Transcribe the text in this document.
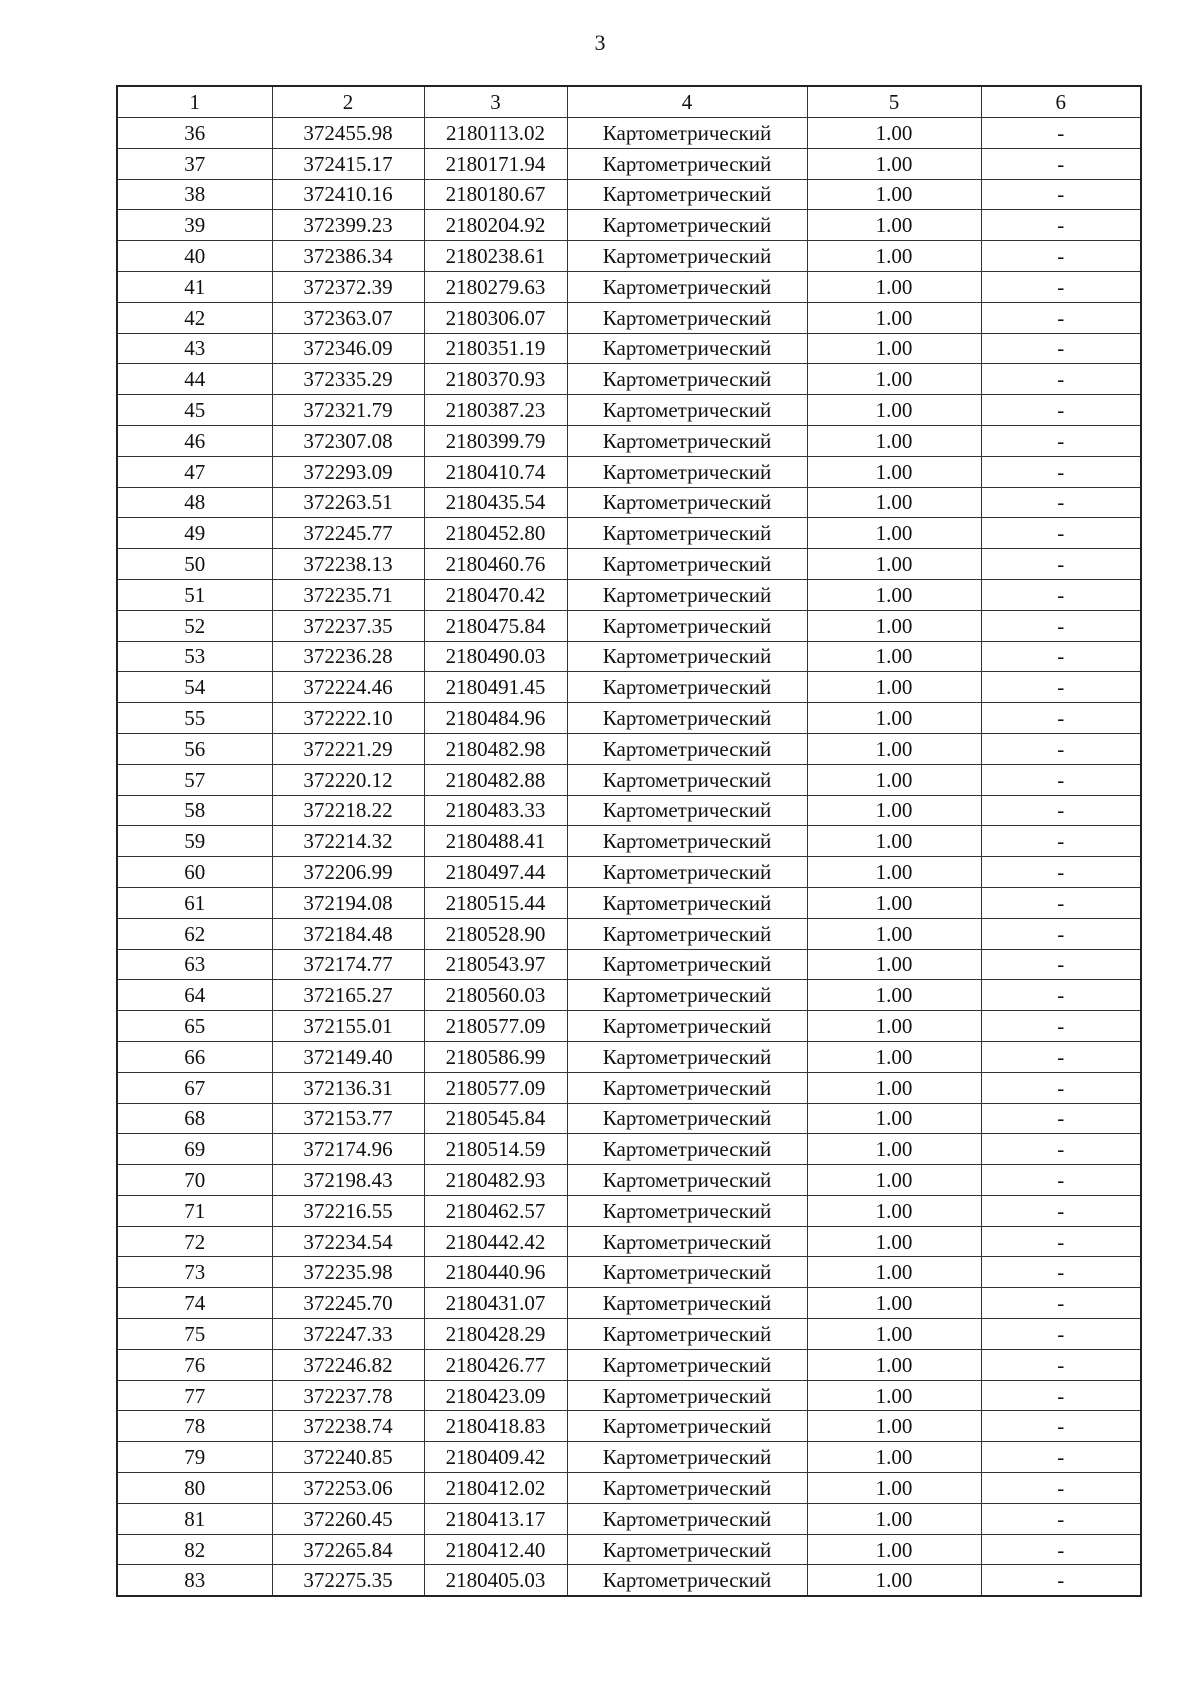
3
1	2	3	4	5	6
36	372455.98	2180113.02	Картометрический	1.00	-
37	372415.17	2180171.94	Картометрический	1.00	-
38	372410.16	2180180.67	Картометрический	1.00	-
39	372399.23	2180204.92	Картометрический	1.00	-
40	372386.34	2180238.61	Картометрический	1.00	-
41	372372.39	2180279.63	Картометрический	1.00	-
42	372363.07	2180306.07	Картометрический	1.00	-
43	372346.09	2180351.19	Картометрический	1.00	-
44	372335.29	2180370.93	Картометрический	1.00	-
45	372321.79	2180387.23	Картометрический	1.00	-
46	372307.08	2180399.79	Картометрический	1.00	-
47	372293.09	2180410.74	Картометрический	1.00	-
48	372263.51	2180435.54	Картометрический	1.00	-
49	372245.77	2180452.80	Картометрический	1.00	-
50	372238.13	2180460.76	Картометрический	1.00	-
51	372235.71	2180470.42	Картометрический	1.00	-
52	372237.35	2180475.84	Картометрический	1.00	-
53	372236.28	2180490.03	Картометрический	1.00	-
54	372224.46	2180491.45	Картометрический	1.00	-
55	372222.10	2180484.96	Картометрический	1.00	-
56	372221.29	2180482.98	Картометрический	1.00	-
57	372220.12	2180482.88	Картометрический	1.00	-
58	372218.22	2180483.33	Картометрический	1.00	-
59	372214.32	2180488.41	Картометрический	1.00	-
60	372206.99	2180497.44	Картометрический	1.00	-
61	372194.08	2180515.44	Картометрический	1.00	-
62	372184.48	2180528.90	Картометрический	1.00	-
63	372174.77	2180543.97	Картометрический	1.00	-
64	372165.27	2180560.03	Картометрический	1.00	-
65	372155.01	2180577.09	Картометрический	1.00	-
66	372149.40	2180586.99	Картометрический	1.00	-
67	372136.31	2180577.09	Картометрический	1.00	-
68	372153.77	2180545.84	Картометрический	1.00	-
69	372174.96	2180514.59	Картометрический	1.00	-
70	372198.43	2180482.93	Картометрический	1.00	-
71	372216.55	2180462.57	Картометрический	1.00	-
72	372234.54	2180442.42	Картометрический	1.00	-
73	372235.98	2180440.96	Картометрический	1.00	-
74	372245.70	2180431.07	Картометрический	1.00	-
75	372247.33	2180428.29	Картометрический	1.00	-
76	372246.82	2180426.77	Картометрический	1.00	-
77	372237.78	2180423.09	Картометрический	1.00	-
78	372238.74	2180418.83	Картометрический	1.00	-
79	372240.85	2180409.42	Картометрический	1.00	-
80	372253.06	2180412.02	Картометрический	1.00	-
81	372260.45	2180413.17	Картометрический	1.00	-
82	372265.84	2180412.40	Картометрический	1.00	-
83	372275.35	2180405.03	Картометрический	1.00	-
